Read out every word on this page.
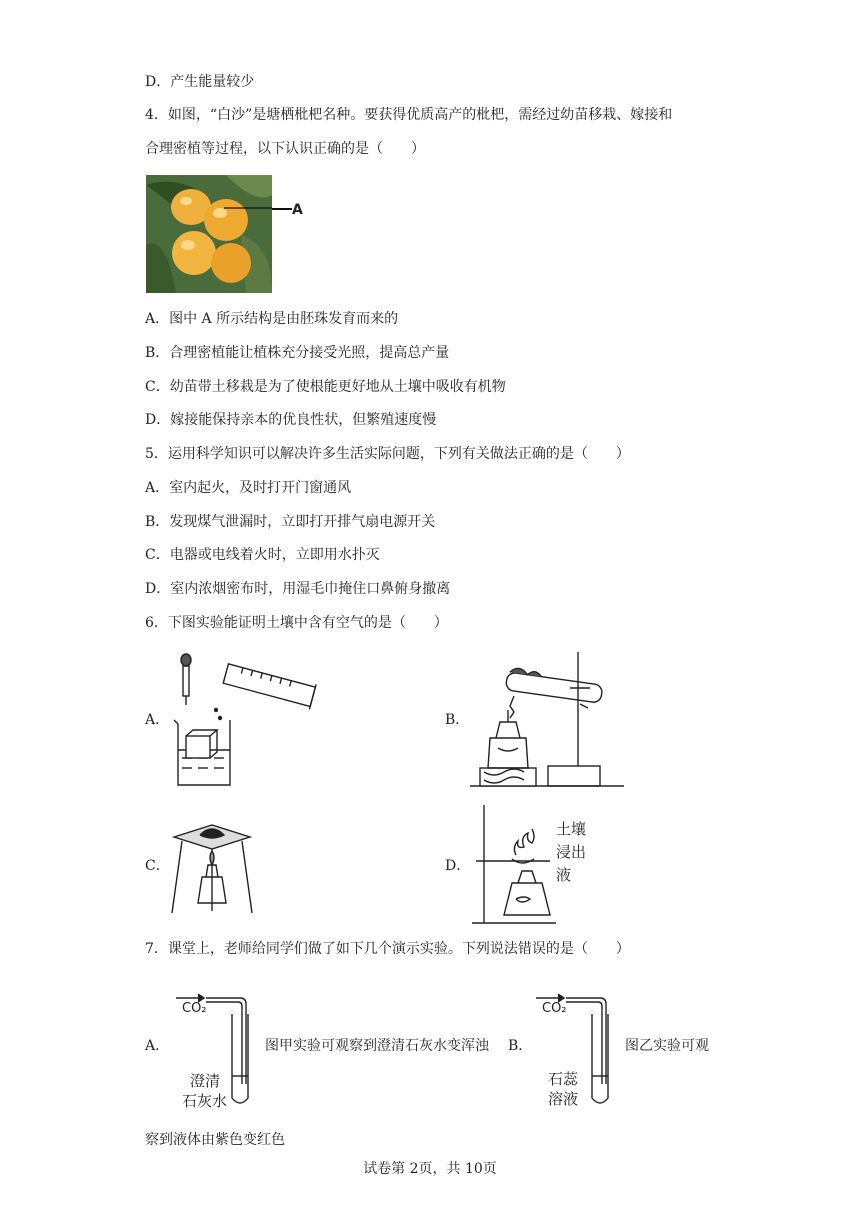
D．产生能量较少
4．如图，“白沙”是塘栖枇杷名种。要获得优质高产的枇杷，需经过幼苗移栽、嫁接和
合理密植等过程，以下认识正确的是（　　）
A
A．图中 A 所示结构是由胚珠发育而来的
B．合理密植能让植株充分接受光照，提高总产量
C．幼苗带土移栽是为了使根能更好地从土壤中吸收有机物
D．嫁接能保持亲本的优良性状，但繁殖速度慢
5．运用科学知识可以解决许多生活实际问题，下列有关做法正确的是（　　）
A．室内起火，及时打开门窗通风
B．发现煤气泄漏时，立即打开排气扇电源开关
C．电器或电线着火时，立即用水扑灭
D．室内浓烟密布时，用湿毛巾掩住口鼻俯身撤离
6．下图实验能证明土壤中含有空气的是（　　）
A．	B．
C．	D．
土壤
浸出
液
7．课堂上，老师给同学们做了如下几个演示实验。下列说法错误的是（　　）
A．
CO₂
澄清
石灰水
图甲实验可观察到澄清石灰水变浑浊 B．
CO₂
石蕊
溶液
图乙实验可观
察到液体由紫色变红色
试卷第 2页，共 10页
